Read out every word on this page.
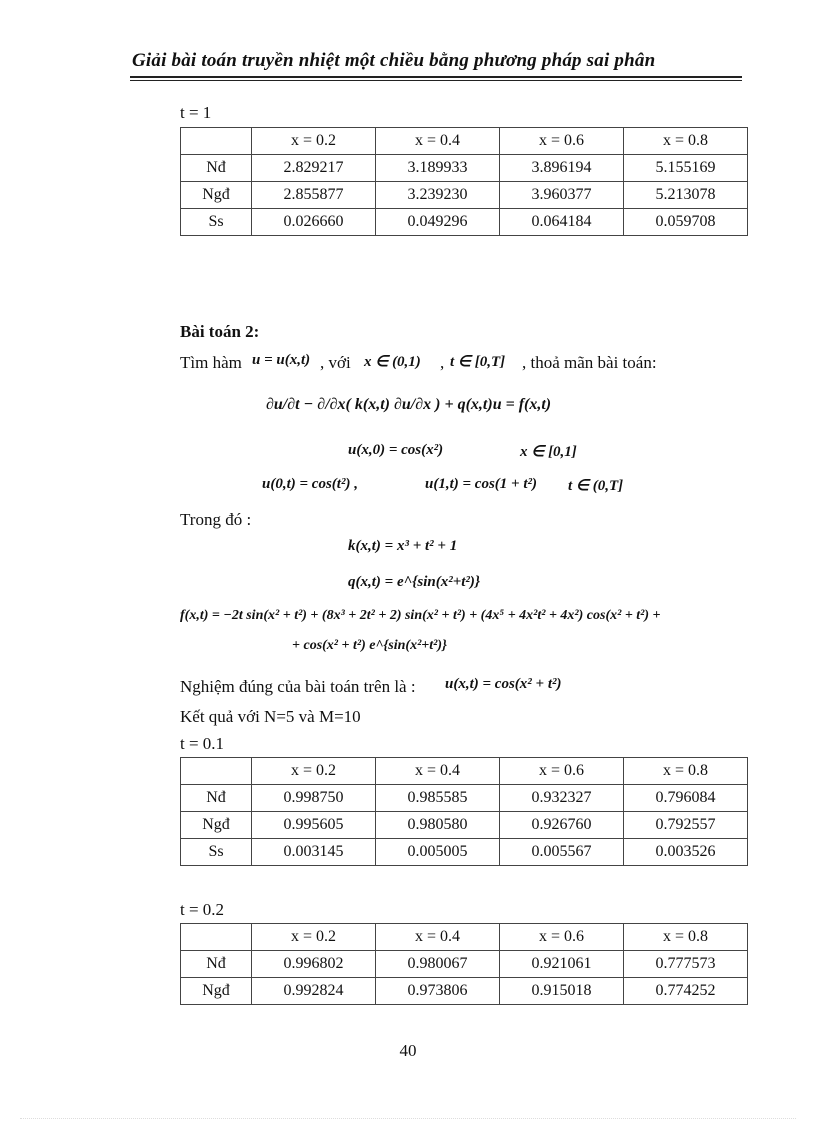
Giải bài toán truyền nhiệt một chiều bằng phương pháp sai phân
t = 1
	x = 0.2	x = 0.4	x = 0.6	x = 0.8
Nđ	2.829217	3.189933	3.896194	5.155169
Ngđ	2.855877	3.239230	3.960377	5.213078
Ss	0.026660	0.049296	0.064184	0.059708
Bài toán 2:
Tìm hàm u = u(x,t) , với x ∈ (0,1) , t ∈ [0,T] , thoả mãn bài toán:
∂u/∂t − ∂/∂x( k(x,t) ∂u/∂x ) + q(x,t)u = f(x,t)
u(x,0) = cos(x²)	x ∈ [0,1]
u(0,t) = cos(t²) ,	u(1,t) = cos(1 + t²) t ∈ (0,T]
Trong đó :
k(x,t) = x³ + t² + 1
q(x,t) = e^{sin(x²+t²)}
f(x,t) = −2t sin(x² + t²) + (8x³ + 2t² + 2) sin(x² + t²) + (4x⁵ + 4x²t² + 4x²) cos(x² + t²) +
+ cos(x² + t²) e^{sin(x²+t²)}
Nghiệm đúng của bài toán trên là : u(x,t) = cos(x² + t²)
Kết quả với N=5 và M=10
t = 0.1
	x = 0.2	x = 0.4	x = 0.6	x = 0.8
Nđ	0.998750	0.985585	0.932327	0.796084
Ngđ	0.995605	0.980580	0.926760	0.792557
Ss	0.003145	0.005005	0.005567	0.003526
t = 0.2
	x = 0.2	x = 0.4	x = 0.6	x = 0.8
Nđ	0.996802	0.980067	0.921061	0.777573
Ngđ	0.992824	0.973806	0.915018	0.774252
40
